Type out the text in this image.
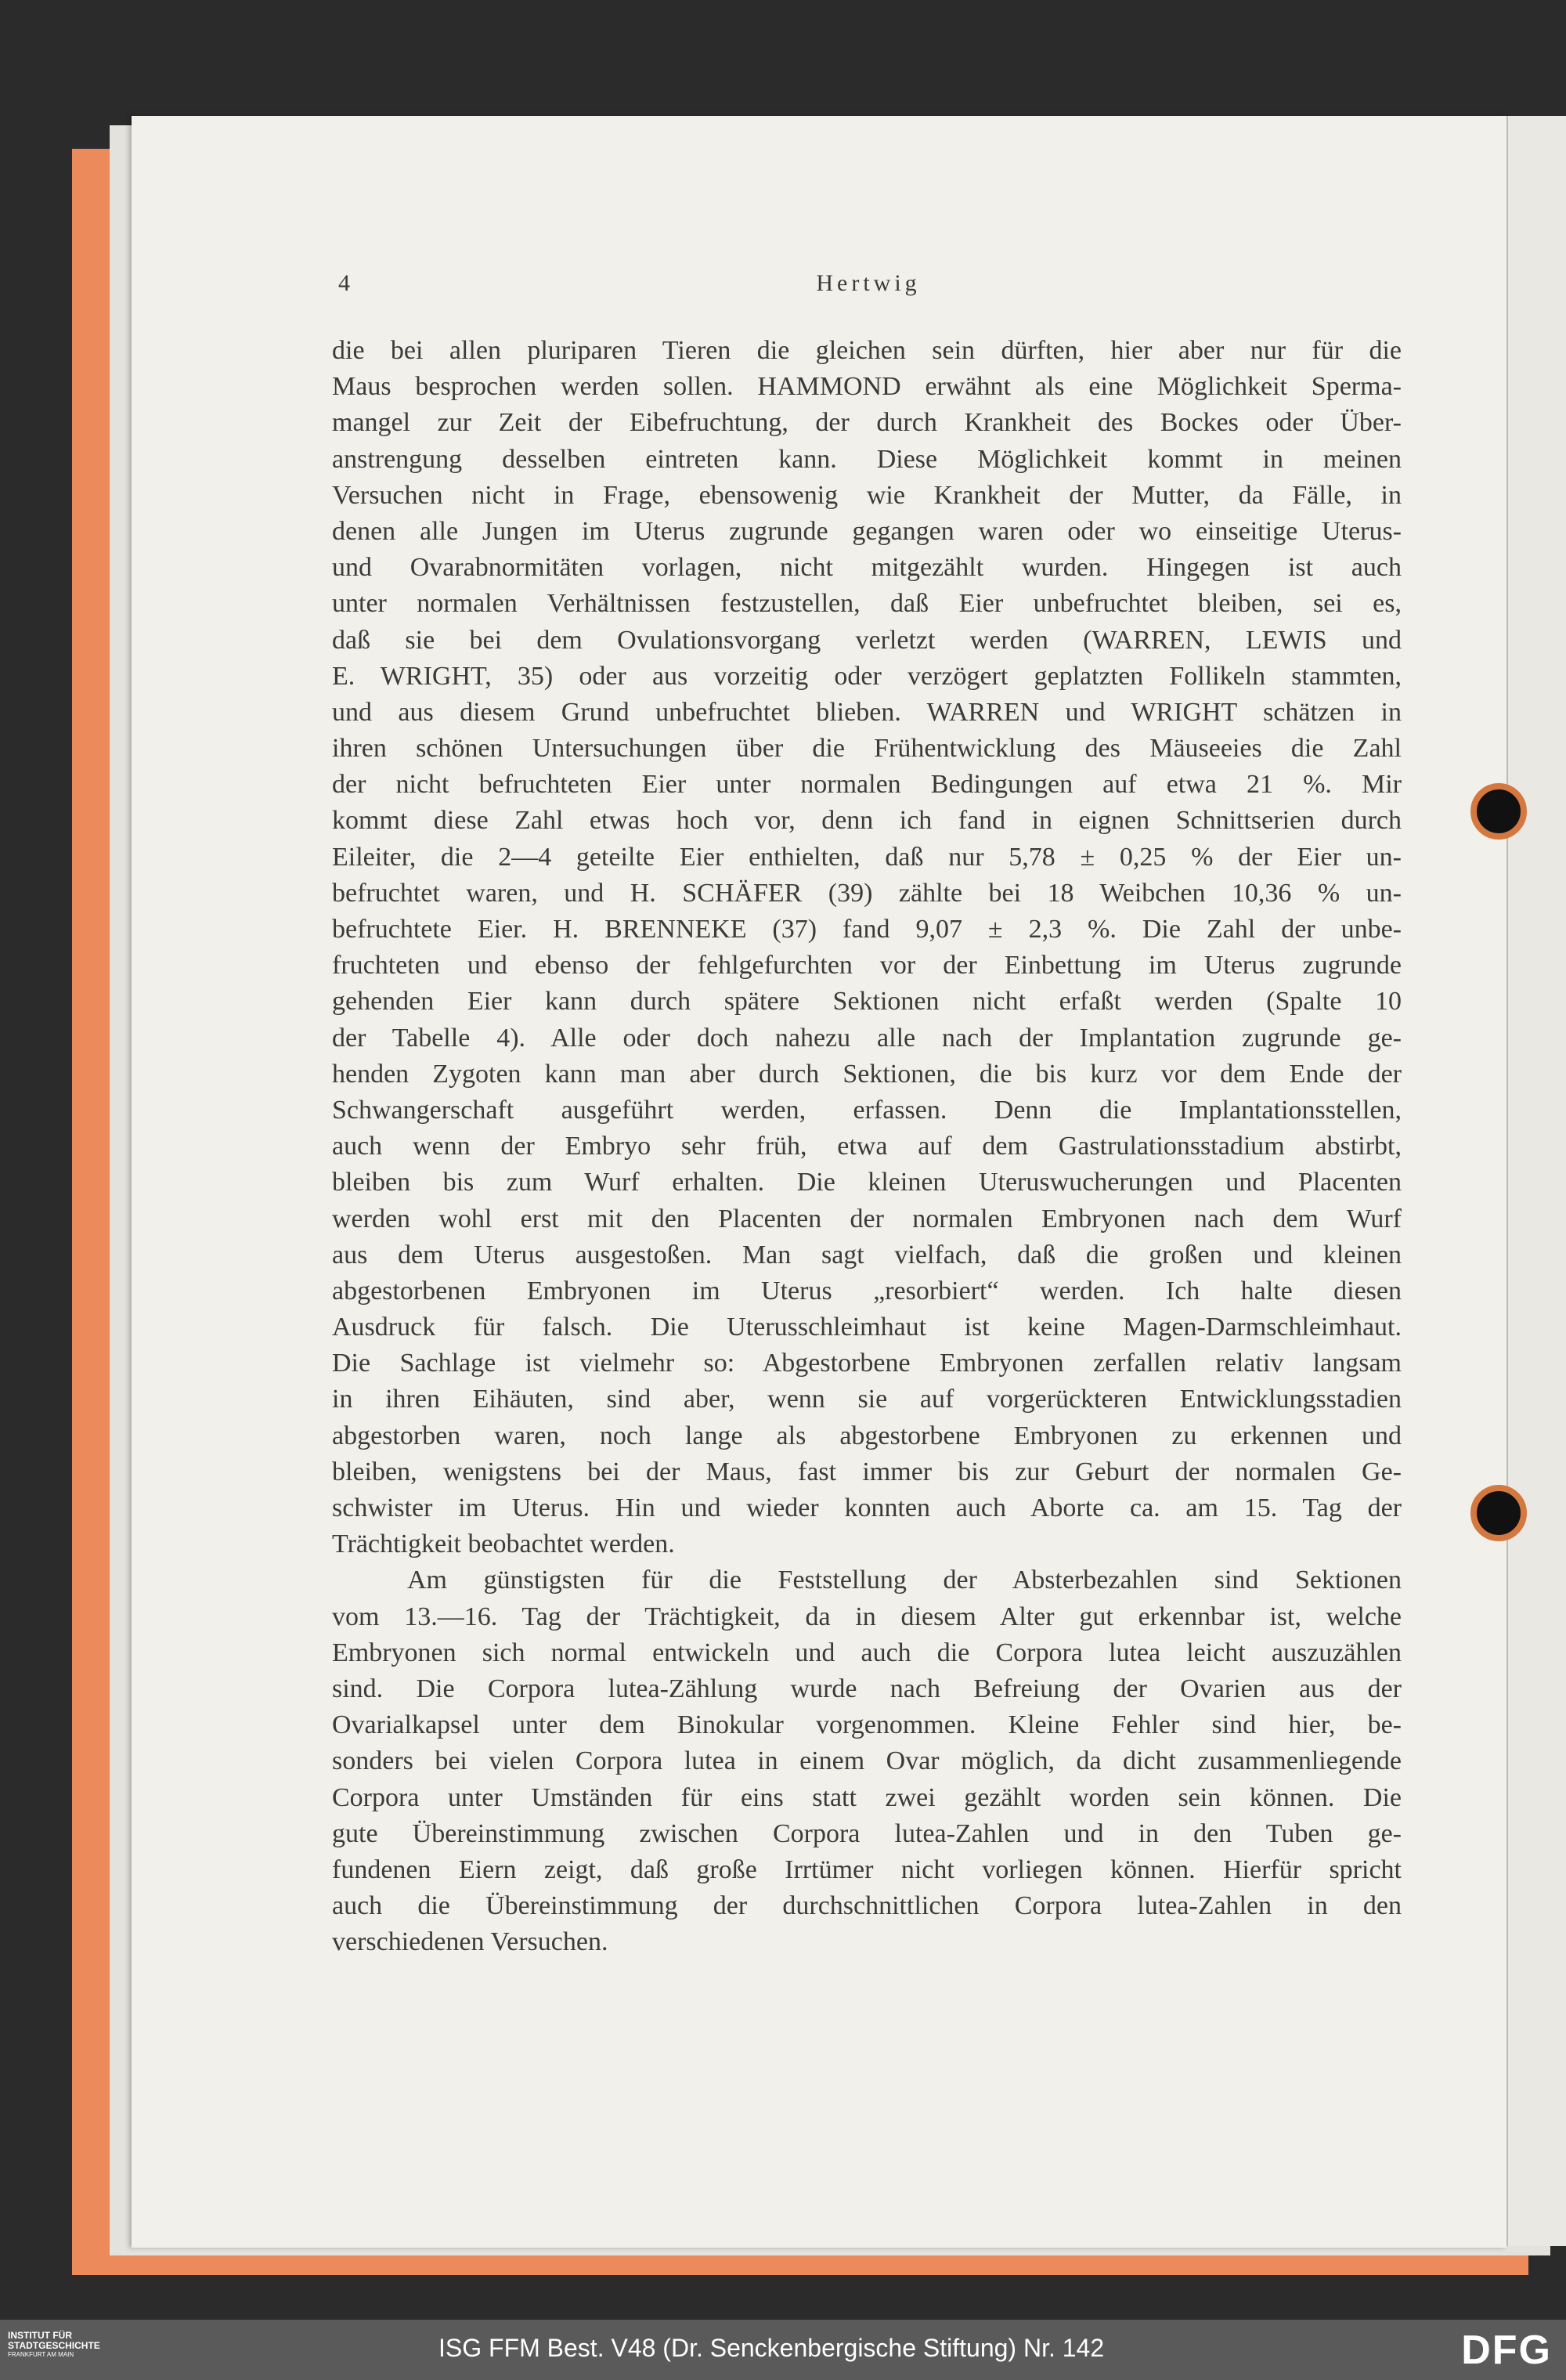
4	Hertwig
die bei allen pluriparen Tieren die gleichen sein dürften, hier aber nur für die
Maus besprochen werden sollen. HAMMOND erwähnt als eine Möglichkeit Sperma-
mangel zur Zeit der Eibefruchtung, der durch Krankheit des Bockes oder Über-
anstrengung desselben eintreten kann. Diese Möglichkeit kommt in meinen
Versuchen nicht in Frage, ebensowenig wie Krankheit der Mutter, da Fälle, in
denen alle Jungen im Uterus zugrunde gegangen waren oder wo einseitige Uterus-
und Ovarabnormitäten vorlagen, nicht mitgezählt wurden. Hingegen ist auch
unter normalen Verhältnissen festzustellen, daß Eier unbefruchtet bleiben, sei es,
daß sie bei dem Ovulationsvorgang verletzt werden (WARREN, LEWIS und
E. WRIGHT, 35) oder aus vorzeitig oder verzögert geplatzten Follikeln stammten,
und aus diesem Grund unbefruchtet blieben. WARREN und WRIGHT schätzen in
ihren schönen Untersuchungen über die Frühentwicklung des Mäuseeies die Zahl
der nicht befruchteten Eier unter normalen Bedingungen auf etwa 21 %. Mir
kommt diese Zahl etwas hoch vor, denn ich fand in eignen Schnittserien durch
Eileiter, die 2—4 geteilte Eier enthielten, daß nur 5,78 ± 0,25 % der Eier un-
befruchtet waren, und H. SCHÄFER (39) zählte bei 18 Weibchen 10,36 % un-
befruchtete Eier. H. BRENNEKE (37) fand 9,07 ± 2,3 %. Die Zahl der unbe-
fruchteten und ebenso der fehlgefurchten vor der Einbettung im Uterus zugrunde
gehenden Eier kann durch spätere Sektionen nicht erfaßt werden (Spalte 10
der Tabelle 4). Alle oder doch nahezu alle nach der Implantation zugrunde ge-
henden Zygoten kann man aber durch Sektionen, die bis kurz vor dem Ende der
Schwangerschaft ausgeführt werden, erfassen. Denn die Implantationsstellen,
auch wenn der Embryo sehr früh, etwa auf dem Gastrulationsstadium abstirbt,
bleiben bis zum Wurf erhalten. Die kleinen Uteruswucherungen und Placenten
werden wohl erst mit den Placenten der normalen Embryonen nach dem Wurf
aus dem Uterus ausgestoßen. Man sagt vielfach, daß die großen und kleinen
abgestorbenen Embryonen im Uterus „resorbiert“ werden. Ich halte diesen
Ausdruck für falsch. Die Uterusschleimhaut ist keine Magen-Darmschleimhaut.
Die Sachlage ist vielmehr so: Abgestorbene Embryonen zerfallen relativ langsam
in ihren Eihäuten, sind aber, wenn sie auf vorgerückteren Entwicklungsstadien
abgestorben waren, noch lange als abgestorbene Embryonen zu erkennen und
bleiben, wenigstens bei der Maus, fast immer bis zur Geburt der normalen Ge-
schwister im Uterus. Hin und wieder konnten auch Aborte ca. am 15. Tag der
Trächtigkeit beobachtet werden.
Am günstigsten für die Feststellung der Absterbezahlen sind Sektionen
vom 13.—16. Tag der Trächtigkeit, da in diesem Alter gut erkennbar ist, welche
Embryonen sich normal entwickeln und auch die Corpora lutea leicht auszuzählen
sind. Die Corpora lutea-Zählung wurde nach Befreiung der Ovarien aus der
Ovarialkapsel unter dem Binokular vorgenommen. Kleine Fehler sind hier, be-
sonders bei vielen Corpora lutea in einem Ovar möglich, da dicht zusammenliegende
Corpora unter Umständen für eins statt zwei gezählt worden sein können. Die
gute Übereinstimmung zwischen Corpora lutea-Zahlen und in den Tuben ge-
fundenen Eiern zeigt, daß große Irrtümer nicht vorliegen können. Hierfür spricht
auch die Übereinstimmung der durchschnittlichen Corpora lutea-Zahlen in den
verschiedenen Versuchen.
INSTITUT FÜR
STADTGESCHICHTE
FRANKFURT AM MAIN	ISG FFM Best. V48 (Dr. Senckenbergische Stiftung) Nr. 142	DFG
